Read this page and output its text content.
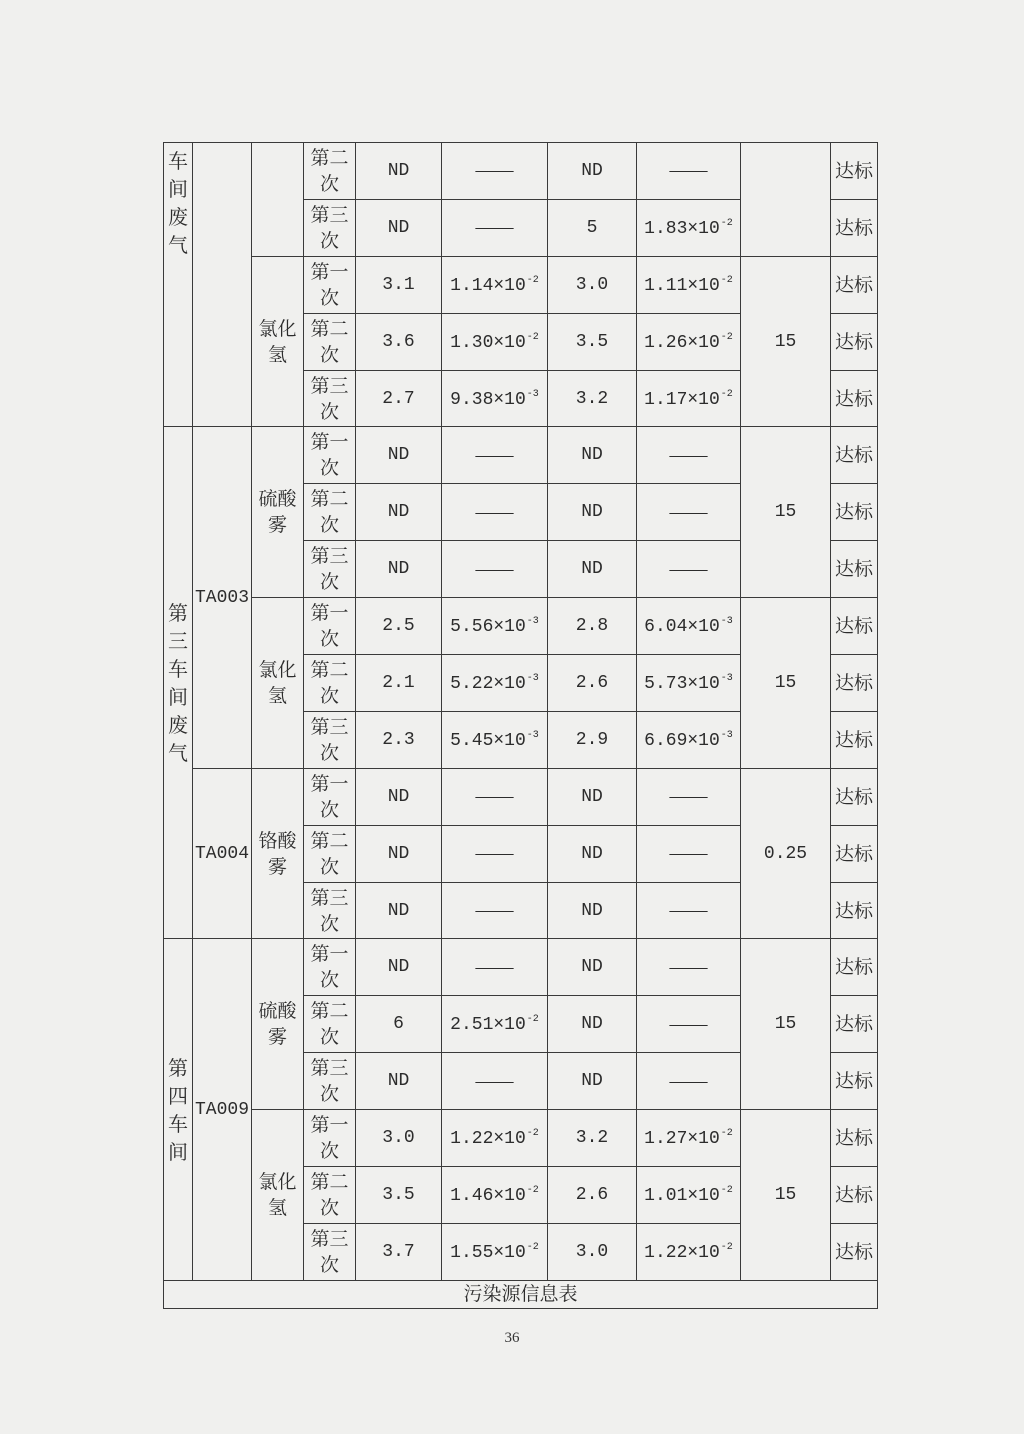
车间废气			第二次	ND	——	ND	——		达标
			第三次	ND	——	5	$1.83\times 10^{-2}$		达标
		氯化氢	第一次	3.1	$1.14\times 10^{-2}$	3.0	$1.11\times 10^{-2}$	15	达标
			第二次	3.6	$1.30\times 10^{-2}$	3.5	$1.26\times 10^{-2}$		达标
			第三次	2.7	$9.38\times 10^{-3}$	3.2	$1.17\times 10^{-2}$		达标
第三车间废气	TA003	硫酸雾	第一次	ND	——	ND	——	15	达标
			第二次	ND	——	ND	——		达标
			第三次	ND	——	ND	——		达标
		氯化氢	第一次	2.5	$5.56\times 10^{-3}$	2.8	$6.04\times 10^{-3}$	15	达标
			第二次	2.1	$5.22\times 10^{-3}$	2.6	$5.73\times 10^{-3}$		达标
			第三次	2.3	$5.45\times 10^{-3}$	2.9	$6.69\times 10^{-3}$		达标
	TA004	铬酸雾	第一次	ND	——	ND	——	0.25	达标
			第二次	ND	——	ND	——		达标
			第三次	ND	——	ND	——		达标
第四车间	TA009	硫酸雾	第一次	ND	——	ND	——	15	达标
			第二次	6	$2.51\times 10^{-2}$	ND	——		达标
			第三次	ND	——	ND	——		达标
		氯化氢	第一次	3.0	$1.22\times 10^{-2}$	3.2	$1.27\times 10^{-2}$	15	达标
			第二次	3.5	$1.46\times 10^{-2}$	2.6	$1.01\times 10^{-2}$		达标
			第三次	3.7	$1.55\times 10^{-2}$	3.0	$1.22\times 10^{-2}$		达标
污染源信息表									
36
